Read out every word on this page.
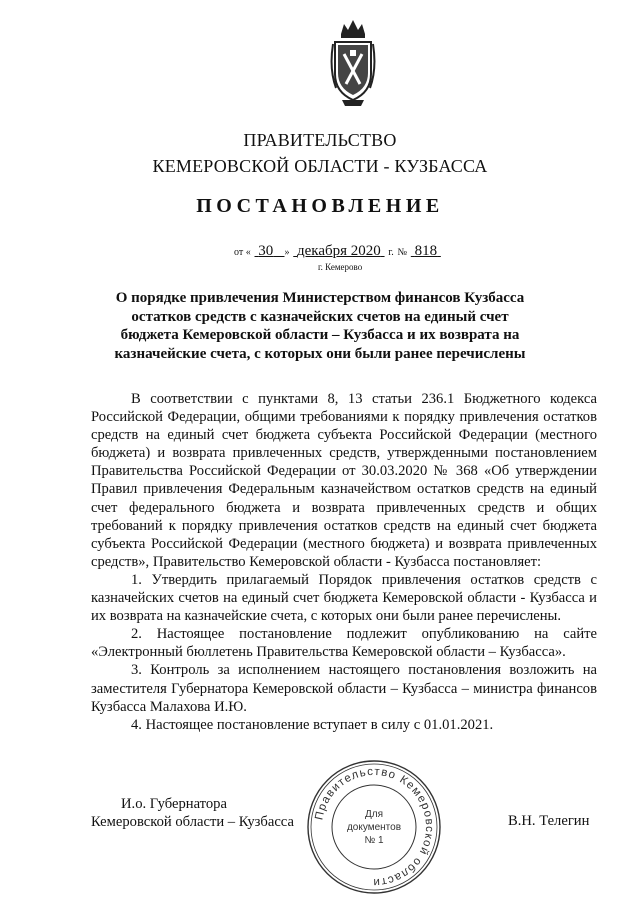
ПРАВИТЕЛЬСТВО
КЕМЕРОВСКОЙ ОБЛАСТИ - КУЗБАССА
ПОСТАНОВЛЕНИЕ
от « 30 » декабря 2020 г. № 818
г. Кемерово
О порядке привлечения Министерством финансов Кузбасса
остатков средств с казначейских счетов на единый счет
бюджета Кемеровской области – Кузбасса и их возврата на
казначейские счета, с которых они были ранее перечислены

В соответствии с пунктами 8, 13 статьи 236.1 Бюджетного кодекса Российской Федерации, общими требованиями к порядку привлечения остатков средств на единый счет бюджета субъекта Российской Федерации (местного бюджета) и возврата привлеченных средств, утвержденными постановлением Правительства Российской Федерации от 30.03.2020 № 368 «Об утверждении Правил привлечения Федеральным казначейством остатков средств на единый счет федерального бюджета и возврата привлеченных средств и общих требований к порядку привлечения остатков средств на единый счет бюджета субъекта Российской Федерации (местного бюджета) и возврата привлеченных средств», Правительство Кемеровской области - Кузбасса постановляет:

1. Утвердить прилагаемый Порядок привлечения остатков средств с казначейских счетов на единый счет бюджета Кемеровской области - Кузбасса и их возврата на казначейские счета, с которых они были ранее перечислены.

2. Настоящее постановление подлежит опубликованию на сайте «Электронный бюллетень Правительства Кемеровской области – Кузбасса».

3. Контроль за исполнением настоящего постановления возложить на заместителя Губернатора Кемеровской области – Кузбасса – министра финансов Кузбасса Малахова И.Ю.

4. Настоящее постановление вступает в силу с 01.01.2021.

И.о. Губернатора
Кемеровской области – Кузбасса	В.Н. Телегин
Правительство Кемеровской области
Для
документов
№ 1
